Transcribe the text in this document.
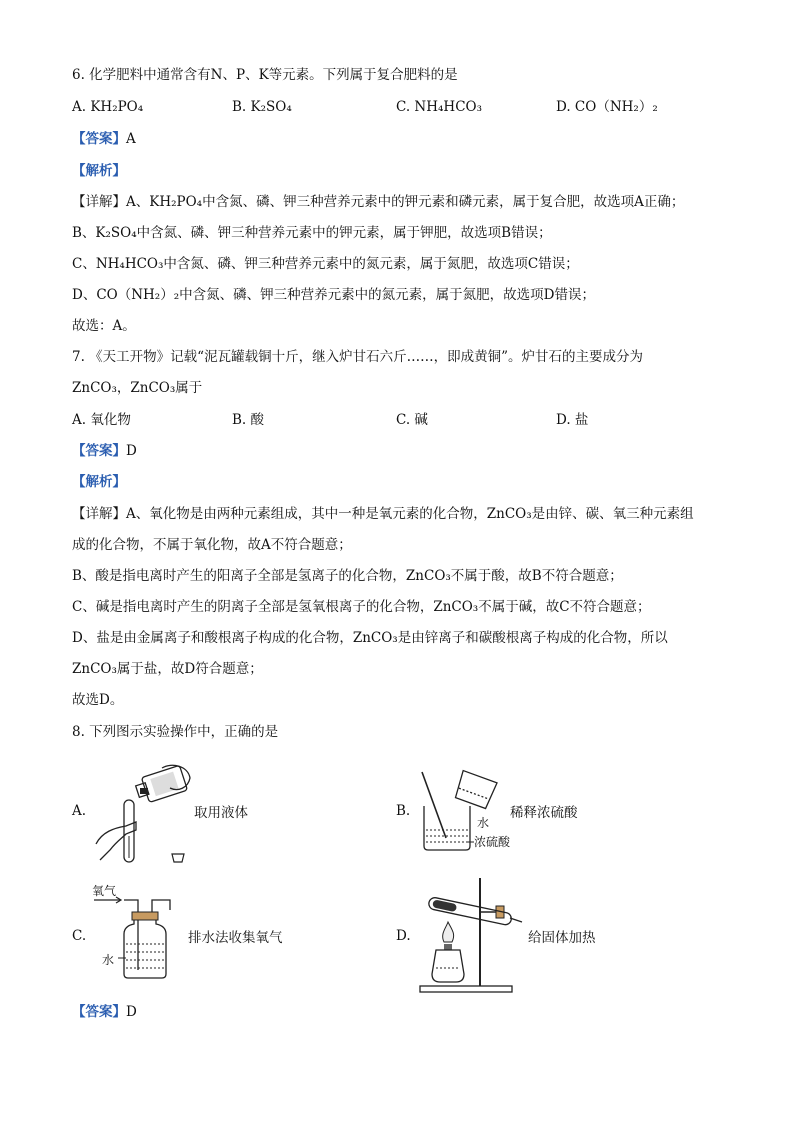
6. 化学肥料中通常含有N、P、K等元素。下列属于复合肥料的是
A. KH₂PO₄	B. K₂SO₄	C. NH₄HCO₃	D. CO（NH₂）₂
【答案】A
【解析】
【详解】A、KH₂PO₄中含氮、磷、钾三种营养元素中的钾元素和磷元素，属于复合肥，故选项A正确；
B、K₂SO₄中含氮、磷、钾三种营养元素中的钾元素，属于钾肥，故选项B错误；
C、NH₄HCO₃中含氮、磷、钾三种营养元素中的氮元素，属于氮肥，故选项C错误；
D、CO（NH₂）₂中含氮、磷、钾三种营养元素中的氮元素，属于氮肥，故选项D错误；
故选：A。
7. 《天工开物》记载“泥瓦罐载铜十斤，继入炉甘石六斤……，即成黄铜”。炉甘石的主要成分为
ZnCO₃，ZnCO₃属于
A. 氧化物	B. 酸	C. 碱	D. 盐
【答案】D
【解析】
【详解】A、氧化物是由两种元素组成，其中一种是氧元素的化合物，ZnCO₃是由锌、碳、氧三种元素组
成的化合物，不属于氧化物，故A不符合题意；
B、酸是指电离时产生的阳离子全部是氢离子的化合物，ZnCO₃不属于酸，故B不符合题意；
C、碱是指电离时产生的阴离子全部是氢氧根离子的化合物，ZnCO₃不属于碱，故C不符合题意；
D、盐是由金属离子和酸根离子构成的化合物，ZnCO₃是由锌离子和碳酸根离子构成的化合物，所以
ZnCO₃属于盐，故D符合题意；
故选D。
8. 下列图示实验操作中，正确的是
A.	取用液体	B.
水
浓硫酸
稀释浓硫酸
C.
氧气
水
排水法收集氧气	D.	给固体加热
【答案】D
